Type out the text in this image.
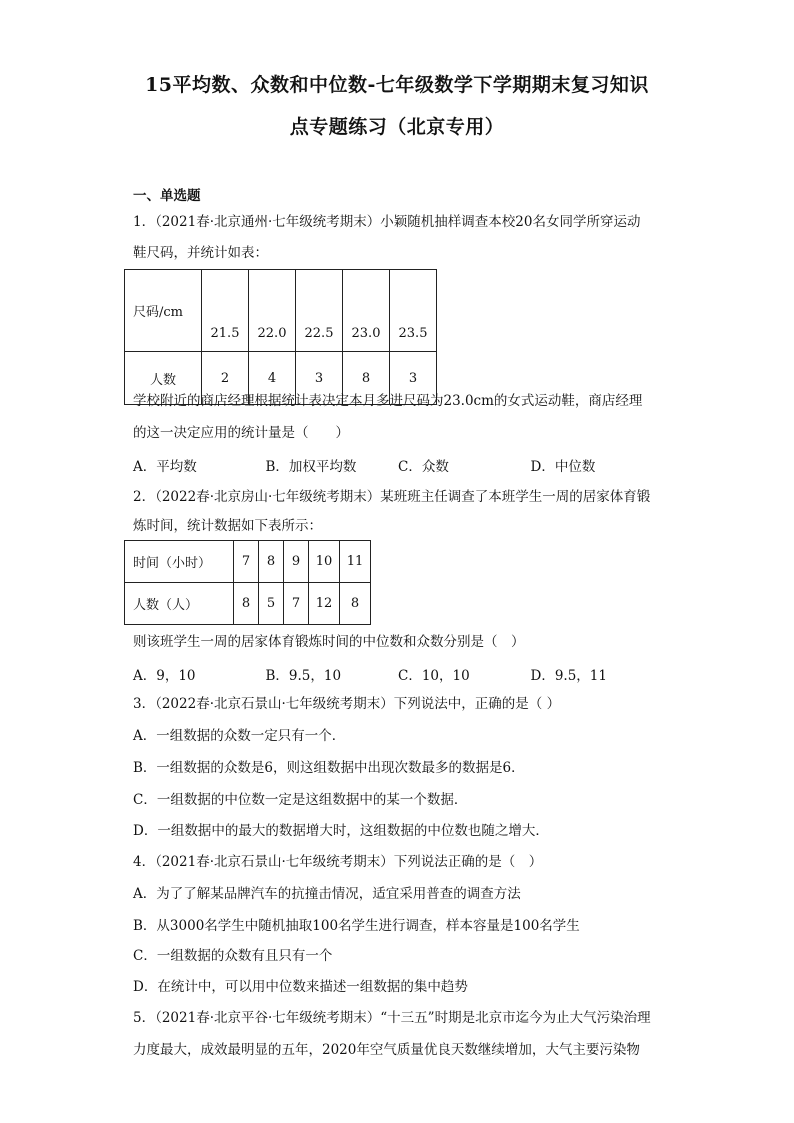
15平均数、众数和中位数-七年级数学下学期期末复习知识
点专题练习（北京专用）
一、单选题
1．（2021春·北京通州·七年级统考期末）小颖随机抽样调查本校20名女同学所穿运动
鞋尺码，并统计如表：
尺码/cm	21.5	22.0	22.5	23.0	23.5
人数	2	4	3	8	3
学校附近的商店经理根据统计表决定本月多进尺码为23.0cm的女式运动鞋，商店经理
的这一决定应用的统计量是（　　）
A．平均数	B．加权平均数	C．众数	D．中位数
2．（2022春·北京房山·七年级统考期末）某班班主任调查了本班学生一周的居家体育锻
炼时间，统计数据如下表所示：
时间（小时）	7	8	9	10	11
人数（人）	8	5	7	12	8
则该班学生一周的居家体育锻炼时间的中位数和众数分别是（　）
A．9，10	B．9.5，10	C．10，10	D．9.5，11
3．（2022春·北京石景山·七年级统考期末）下列说法中，正确的是（ ）
A．一组数据的众数一定只有一个．
B．一组数据的众数是6，则这组数据中出现次数最多的数据是6．
C．一组数据的中位数一定是这组数据中的某一个数据．
D．一组数据中的最大的数据增大时，这组数据的中位数也随之增大．
4．（2021春·北京石景山·七年级统考期末）下列说法正确的是（　）
A．为了了解某品牌汽车的抗撞击情况，适宜采用普查的调查方法
B．从3000名学生中随机抽取100名学生进行调查，样本容量是100名学生
C．一组数据的众数有且只有一个
D．在统计中，可以用中位数来描述一组数据的集中趋势
5．（2021春·北京平谷·七年级统考期末）“十三五”时期是北京市迄今为止大气污染治理
力度最大，成效最明显的五年，2020年空气质量优良天数继续增加，大气主要污染物
